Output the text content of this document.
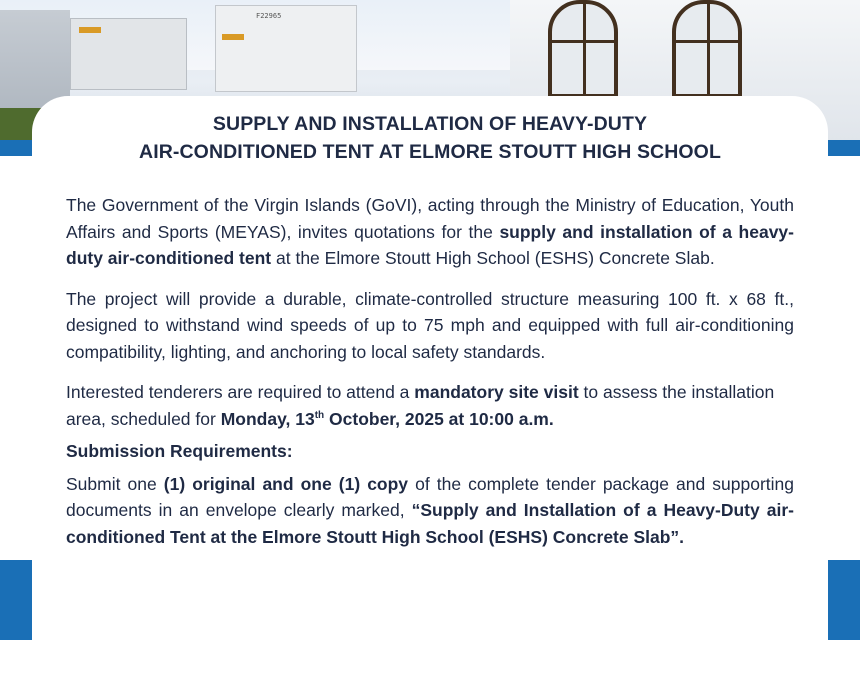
F22965
SUPPLY AND INSTALLATION OF HEAVY-DUTY
AIR-CONDITIONED TENT AT ELMORE STOUTT HIGH SCHOOL

The Government of the Virgin Islands (GoVI), acting through the Ministry of Education, Youth Affairs and Sports (MEYAS), invites quotations for the supply and installation of a heavy-duty air-conditioned tent at the Elmore Stoutt High School (ESHS) Concrete Slab.

The project will provide a durable, climate-controlled structure measuring 100 ft. x 68 ft., designed to withstand wind speeds of up to 75 mph and equipped with full air-conditioning compatibility, lighting, and anchoring to local safety standards.

Interested tenderers are required to attend a mandatory site visit to assess the installation area, scheduled for Monday, 13th October, 2025 at 10:00 a.m.

Submission Requirements:

Submit one (1) original and one (1) copy of the complete tender package and supporting documents in an envelope clearly marked, “Supply and Installation of a Heavy-Duty air-conditioned Tent at the Elmore Stoutt High School (ESHS) Concrete Slab”.
